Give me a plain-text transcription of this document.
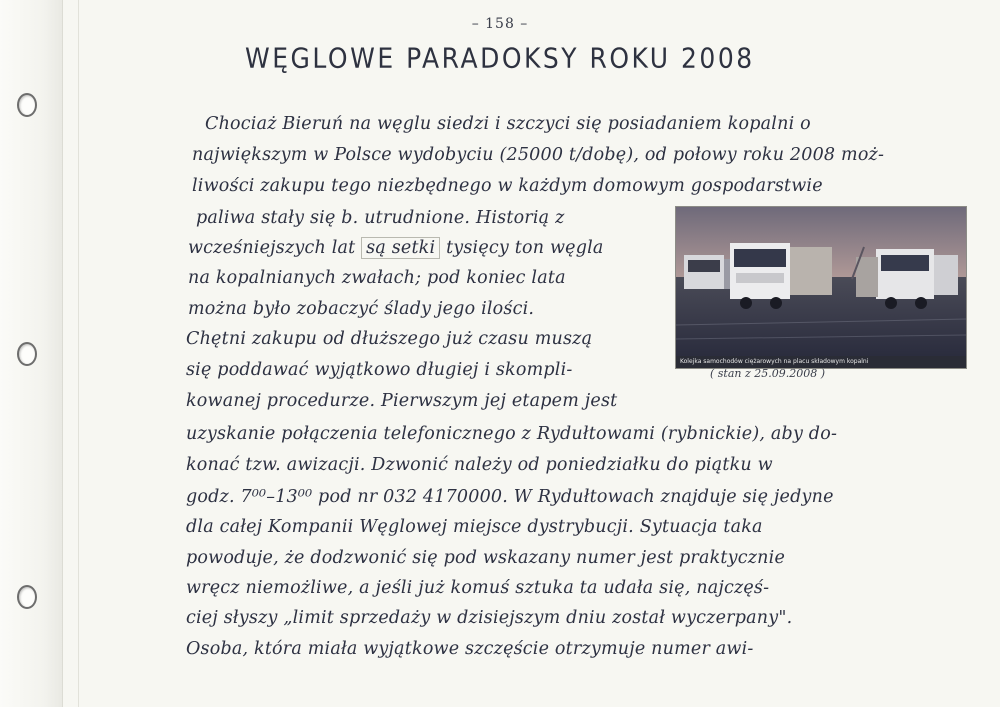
– 158 –
WĘGLOWE PARADOKSY ROKU 2008
Chociaż Bieruń na węglu siedzi i szczyci się posiadaniem kopalni o
największym w Polsce wydobyciu (25000 t/dobę), od połowy roku 2008 moż-
liwości zakupu tego niezbędnego w każdym domowym gospodarstwie
paliwa stały się b. utrudnione. Historią z
wcześniejszych lat są setki tysięcy ton węgla
na kopalnianych zwałach; pod koniec lata
można było zobaczyć ślady jego ilości.
Chętni zakupu od dłuższego już czasu muszą
się poddawać wyjątkowo długiej i skompli-
kowanej procedurze. Pierwszym jej etapem jest
uzyskanie połączenia telefonicznego z Rydułtowami (rybnickie), aby do-
konać tzw. awizacji. Dzwonić należy od poniedziałku do piątku w
godz. 7⁰⁰–13⁰⁰ pod nr 032 4170000. W Rydułtowach znajduje się jedyne
dla całej Kompanii Węglowej miejsce dystrybucji. Sytuacja taka
powoduje, że dodzwonić się pod wskazany numer jest praktycznie
wręcz niemożliwe, a jeśli już komuś sztuka ta udała się, najczęś-
ciej słyszy „limit sprzedaży w dzisiejszym dniu został wyczerpany".
Osoba, która miała wyjątkowe szczęście otrzymuje numer awi-
Kolejka samochodów ciężarowych na placu składowym kopalni
( stan z 25.09.2008 )
